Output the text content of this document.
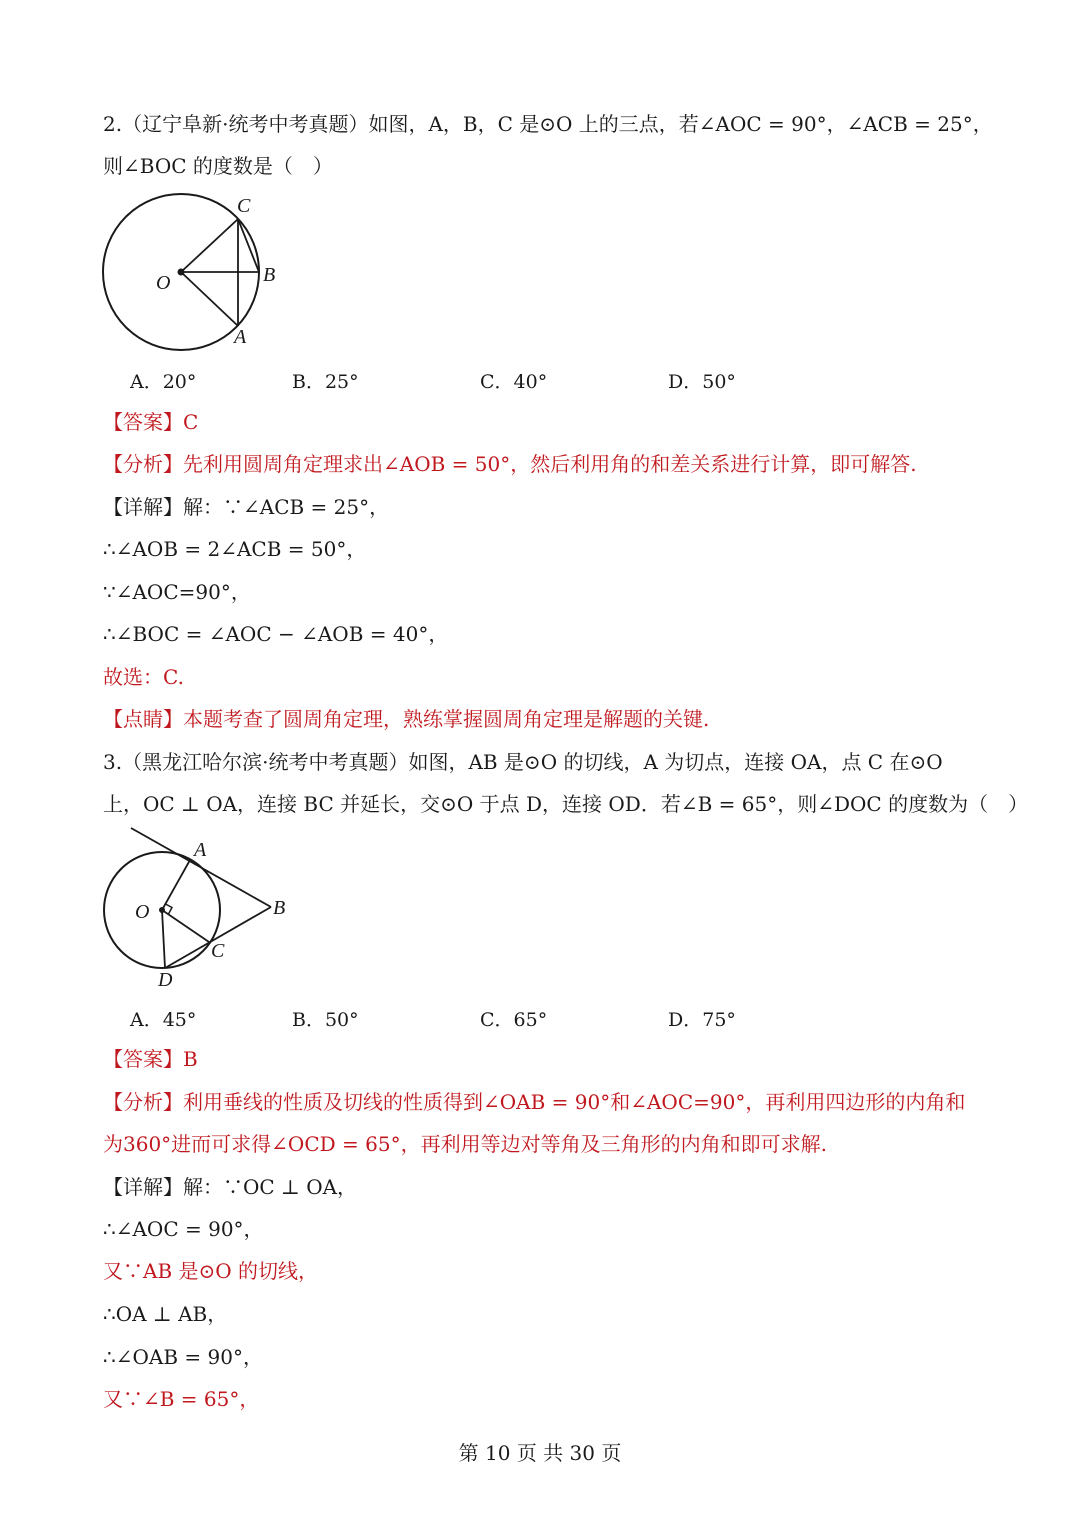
2.（辽宁阜新·统考中考真题）如图，A，B，C 是⊙O 上的三点，若∠AOC = 90°，∠ACB = 25°，
则∠BOC 的度数是（　）
C
B
O
A
A．20°	B．25°	C．40°	D．50°
【答案】C
【分析】先利用圆周角定理求出∠AOB = 50°，然后利用角的和差关系进行计算，即可解答.
【详解】解：∵∠ACB = 25°，
∴∠AOB = 2∠ACB = 50°，
∵∠AOC=90°，
∴∠BOC = ∠AOC − ∠AOB = 40°，
故选：C.
【点睛】本题考查了圆周角定理，熟练掌握圆周角定理是解题的关键.
3.（黑龙江哈尔滨·统考中考真题）如图，AB 是⊙O 的切线，A 为切点，连接 OA，点 C 在⊙O
上，OC ⊥ OA，连接 BC 并延长，交⊙O 于点 D，连接 OD．若∠B = 65°，则∠DOC 的度数为（　）
A
O	B
C
D
A．45°	B．50°	C．65°	D．75°
【答案】B
【分析】利用垂线的性质及切线的性质得到∠OAB = 90°和∠AOC=90°，再利用四边形的内角和
为360°进而可求得∠OCD = 65°，再利用等边对等角及三角形的内角和即可求解.
【详解】解：∵OC ⊥ OA，
∴∠AOC = 90°，
又∵AB 是⊙O 的切线，
∴OA ⊥ AB，
∴∠OAB = 90°，
又∵∠B = 65°，
第 10 页 共 30 页
